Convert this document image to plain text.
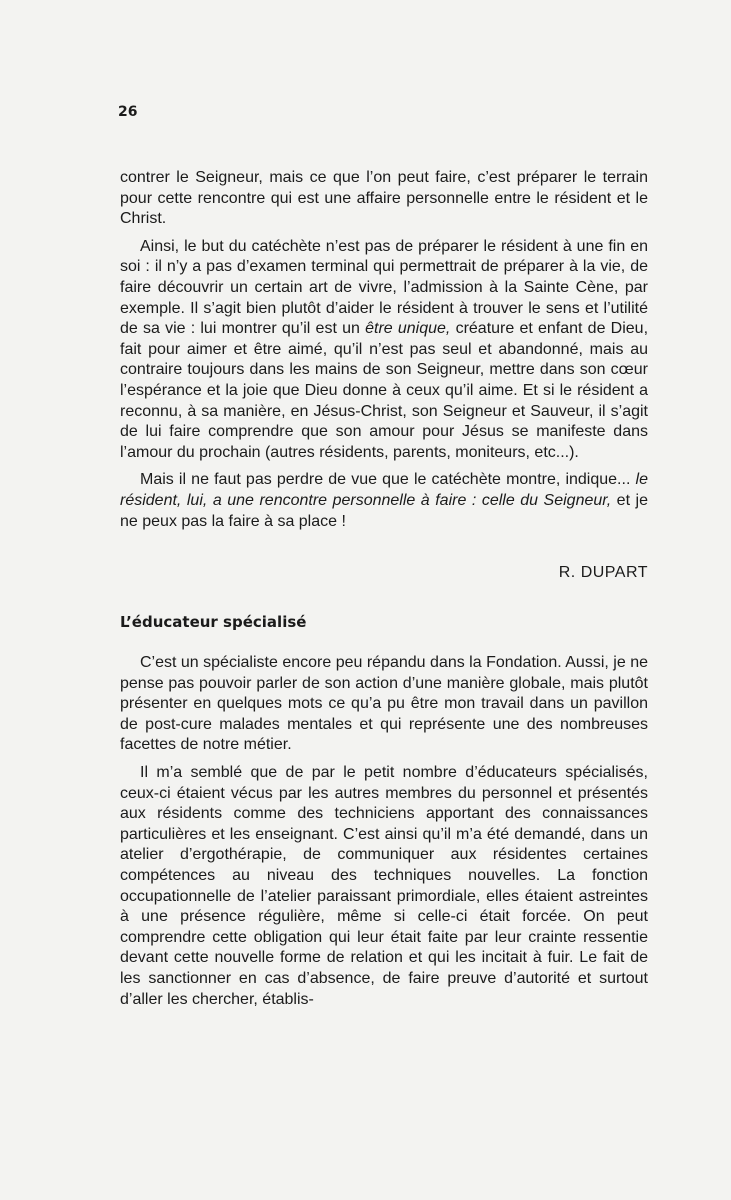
26

contrer le Seigneur, mais ce que l’on peut faire, c’est préparer le terrain pour cette rencontre qui est une affaire personnelle entre le résident et le Christ.

Ainsi, le but du catéchète n’est pas de préparer le résident à une fin en soi : il n’y a pas d’examen terminal qui permettrait de préparer à la vie, de faire découvrir un certain art de vivre, l’admission à la Sainte Cène, par exemple. Il s’agit bien plutôt d’aider le résident à trouver le sens et l’utilité de sa vie : lui montrer qu’il est un être unique, créature et enfant de Dieu, fait pour aimer et être aimé, qu’il n’est pas seul et abandonné, mais au contraire toujours dans les mains de son Seigneur, mettre dans son cœur l’espérance et la joie que Dieu donne à ceux qu’il aime. Et si le résident a reconnu, à sa manière, en Jésus-Christ, son Seigneur et Sauveur, il s’agit de lui faire comprendre que son amour pour Jésus se manifeste dans l’amour du prochain (autres résidents, parents, moniteurs, etc...).

Mais il ne faut pas perdre de vue que le catéchète montre, indique... le résident, lui, a une rencontre personnelle à faire : celle du Seigneur, et je ne peux pas la faire à sa place !

R. DUPART
L’éducateur spécialisé

C’est un spécialiste encore peu répandu dans la Fondation. Aussi, je ne pense pas pouvoir parler de son action d’une manière globale, mais plutôt présenter en quelques mots ce qu’a pu être mon travail dans un pavillon de post-cure malades mentales et qui représente une des nombreuses facettes de notre métier.

Il m’a semblé que de par le petit nombre d’éducateurs spécialisés, ceux-ci étaient vécus par les autres membres du personnel et présentés aux résidents comme des techniciens apportant des connaissances particulières et les enseignant. C’est ainsi qu’il m’a été demandé, dans un atelier d’ergothérapie, de communiquer aux résidentes certaines compétences au niveau des techniques nouvelles. La fonction occupationnelle de l’atelier paraissant primordiale, elles étaient astreintes à une présence régulière, même si celle-ci était forcée. On peut comprendre cette obligation qui leur était faite par leur crainte ressentie devant cette nouvelle forme de relation et qui les incitait à fuir. Le fait de les sanctionner en cas d’absence, de faire preuve d’autorité et surtout d’aller les chercher, établis-
